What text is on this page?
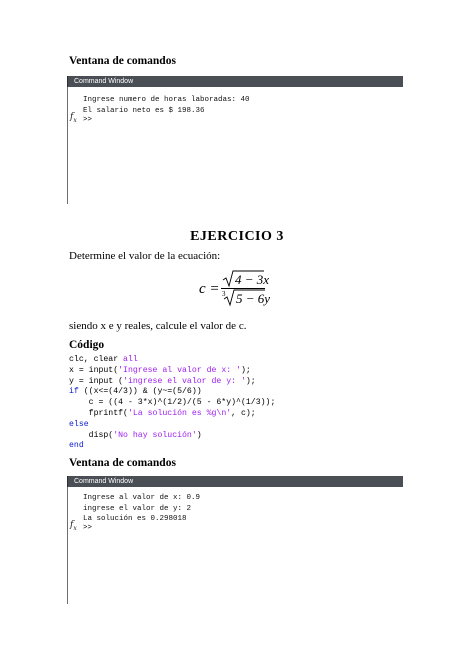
Ventana de comandos
Command Window
Ingrese numero de horas laboradas: 40
El salario neto es $ 198.36
$f_x$ >>
EJERCICIO 3
Determine el valor de la ecuación:
c =
4 − 3x
3 5 − 6y
siendo x e y reales, calcule el valor de c.
Código
clc, clear all
x = input('Ingrese al valor de x: ');
y = input ('ingrese el valor de y: ');
if ((x<=(4/3)) & (y~=(5/6))
c = ((4 - 3*x)^(1/2)/(5 - 6*y)^(1/3));
fprintf('La solución es %g\n', c);
else
disp('No hay solución')
end
Ventana de comandos
Command Window
Ingrese al valor de x: 0.9
ingrese el valor de y: 2
La solución es 0.298018
$f_x$ >>
